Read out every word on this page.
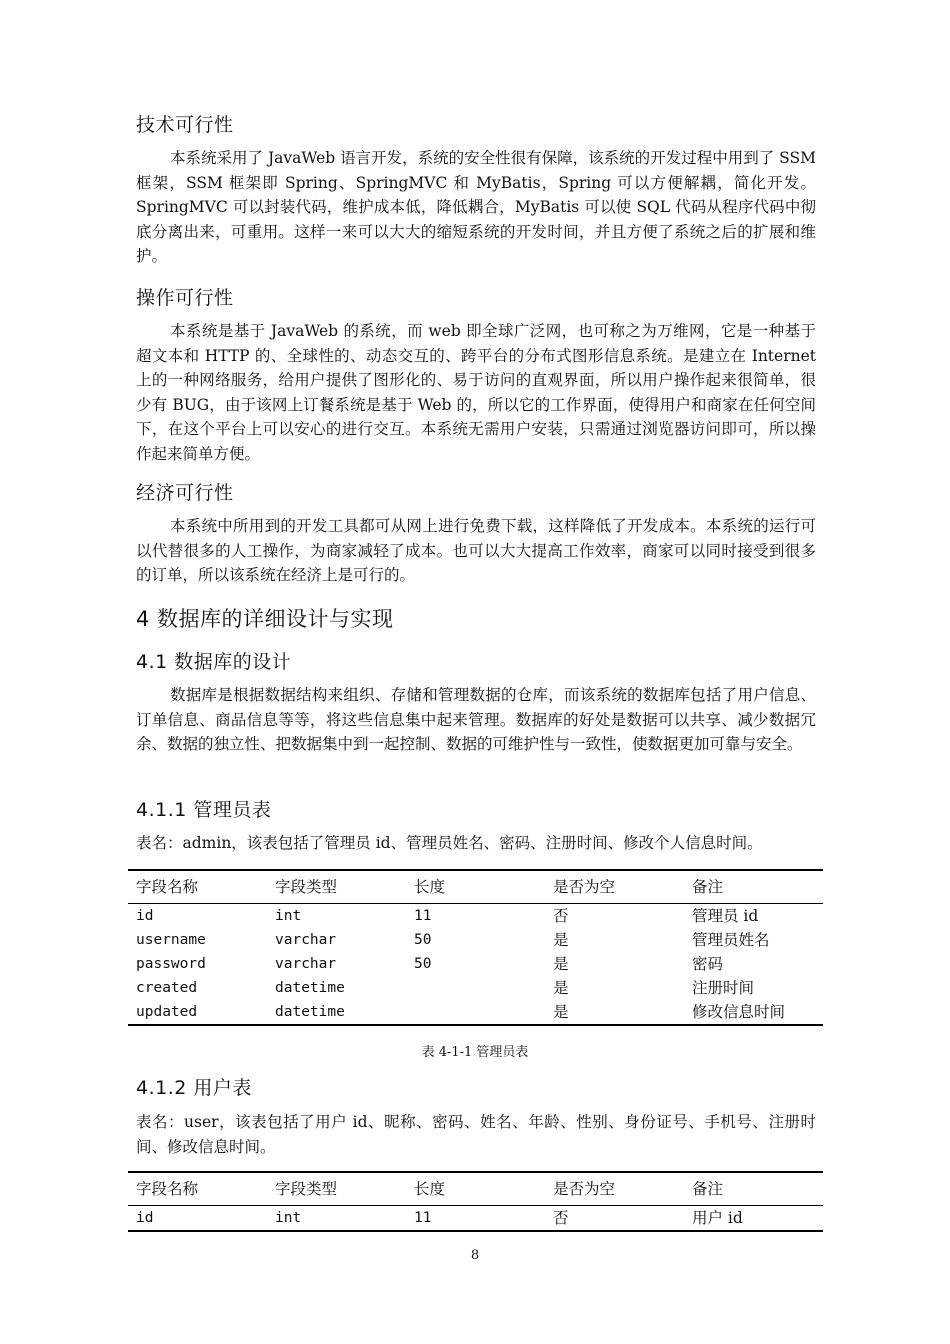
技术可行性

本系统采用了 JavaWeb 语言开发，系统的安全性很有保障，该系统的开发过程中用到了 SSM 框架，SSM 框架即 Spring、SpringMVC 和 MyBatis，Spring 可以方便解耦，简化开发。SpringMVC 可以封装代码，维护成本低，降低耦合，MyBatis 可以使 SQL 代码从程序代码中彻底分离出来，可重用。这样一来可以大大的缩短系统的开发时间，并且方便了系统之后的扩展和维护。

操作可行性

本系统是基于 JavaWeb 的系统，而 web 即全球广泛网，也可称之为万维网，它是一种基于超文本和 HTTP 的、全球性的、动态交互的、跨平台的分布式图形信息系统。是建立在 Internet 上的一种网络服务，给用户提供了图形化的、易于访问的直观界面，所以用户操作起来很简单，很少有 BUG，由于该网上订餐系统是基于 Web 的，所以它的工作界面，使得用户和商家在任何空间下，在这个平台上可以安心的进行交互。本系统无需用户安装，只需通过浏览器访问即可，所以操作起来简单方便。

经济可行性

本系统中所用到的开发工具都可从网上进行免费下载，这样降低了开发成本。本系统的运行可以代替很多的人工操作，为商家减轻了成本。也可以大大提高工作效率，商家可以同时接受到很多的订单，所以该系统在经济上是可行的。

4 数据库的详细设计与实现
4.1 数据库的设计

数据库是根据数据结构来组织、存储和管理数据的仓库，而该系统的数据库包括了用户信息、订单信息、商品信息等等，将这些信息集中起来管理。数据库的好处是数据可以共享、减少数据冗余、数据的独立性、把数据集中到一起控制、数据的可维护性与一致性，使数据更加可靠与安全。

4.1.1 管理员表

表名：admin，该表包括了管理员 id、管理员姓名、密码、注册时间、修改个人信息时间。

字段名称	字段类型	长度	是否为空	备注
id	int	11	否	管理员 id
username	varchar	50	是	管理员姓名
password	varchar	50	是	密码
created	datetime		是	注册时间
updated	datetime		是	修改信息时间
表 4-1-1 管理员表
4.1.2 用户表

表名：user，该表包括了用户 id、昵称、密码、姓名、年龄、性别、身份证号、手机号、注册时间、修改信息时间。

字段名称	字段类型	长度	是否为空	备注
id	int	11	否	用户 id
8
